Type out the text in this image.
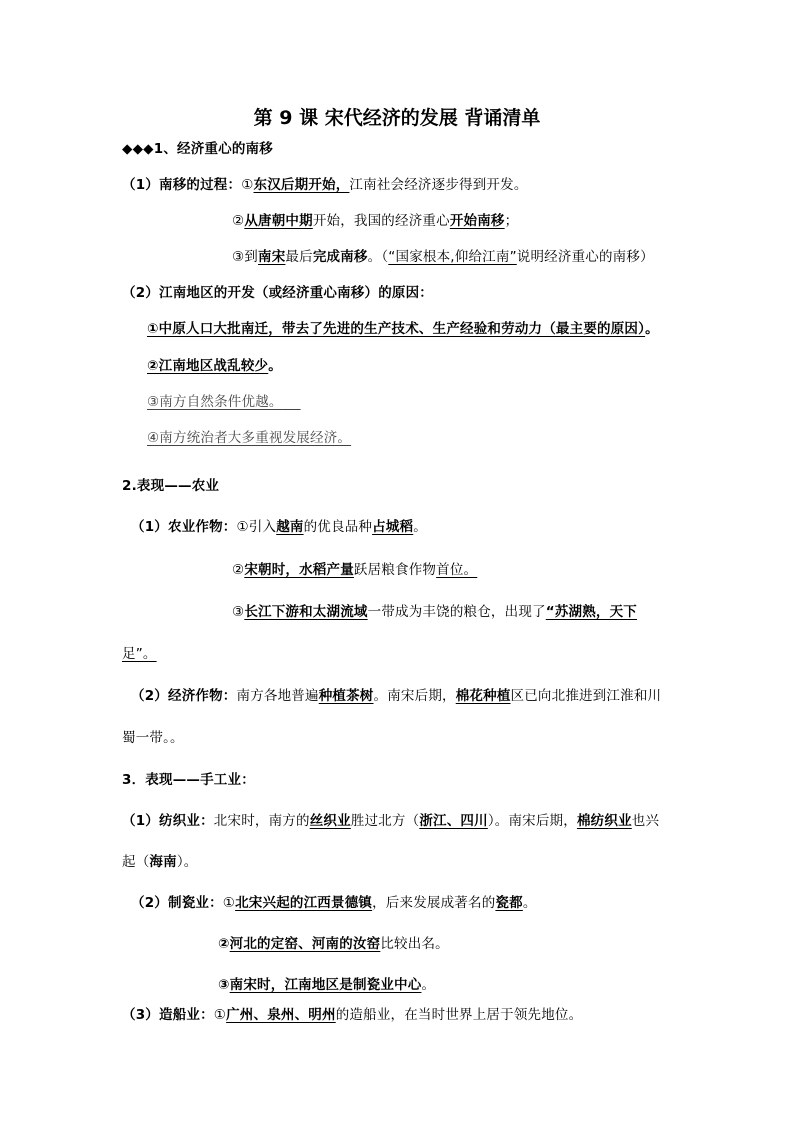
第 9 课 宋代经济的发展 背诵清单
◆◆◆1、经济重心的南移
（1）南移的过程：①东汉后期开始，江南社会经济逐步得到开发。
②从唐朝中期开始，我国的经济重心开始南移；
③到南宋最后完成南移。（“国家根本,仰给江南”说明经济重心的南移）
（2）江南地区的开发（或经济重心南移）的原因：
①中原人口大批南迁，带去了先进的生产技术、生产经验和劳动力（最主要的原因）。
②江南地区战乱较少。
③南方自然条件优越。
④南方统治者大多重视发展经济。
2.表现——农业
（1）农业作物：①引入越南的优良品种占城稻。
②宋朝时，水稻产量跃居粮食作物首位。
③长江下游和太湖流域一带成为丰饶的粮仓，出现了“苏湖熟，天下
足”。
（2）经济作物：南方各地普遍种植茶树。南宋后期，棉花种植区已向北推进到江淮和川
蜀一带。。
3．表现——手工业：
（1）纺织业：北宋时，南方的丝织业胜过北方（浙江、四川）。南宋后期，棉纺织业也兴
起（海南）。
（2）制瓷业：①北宋兴起的江西景德镇，后来发展成著名的瓷都。
②河北的定窑、河南的汝窑比较出名。
③南宋时，江南地区是制瓷业中心。
（3）造船业：①广州、泉州、明州的造船业，在当时世界上居于领先地位。
